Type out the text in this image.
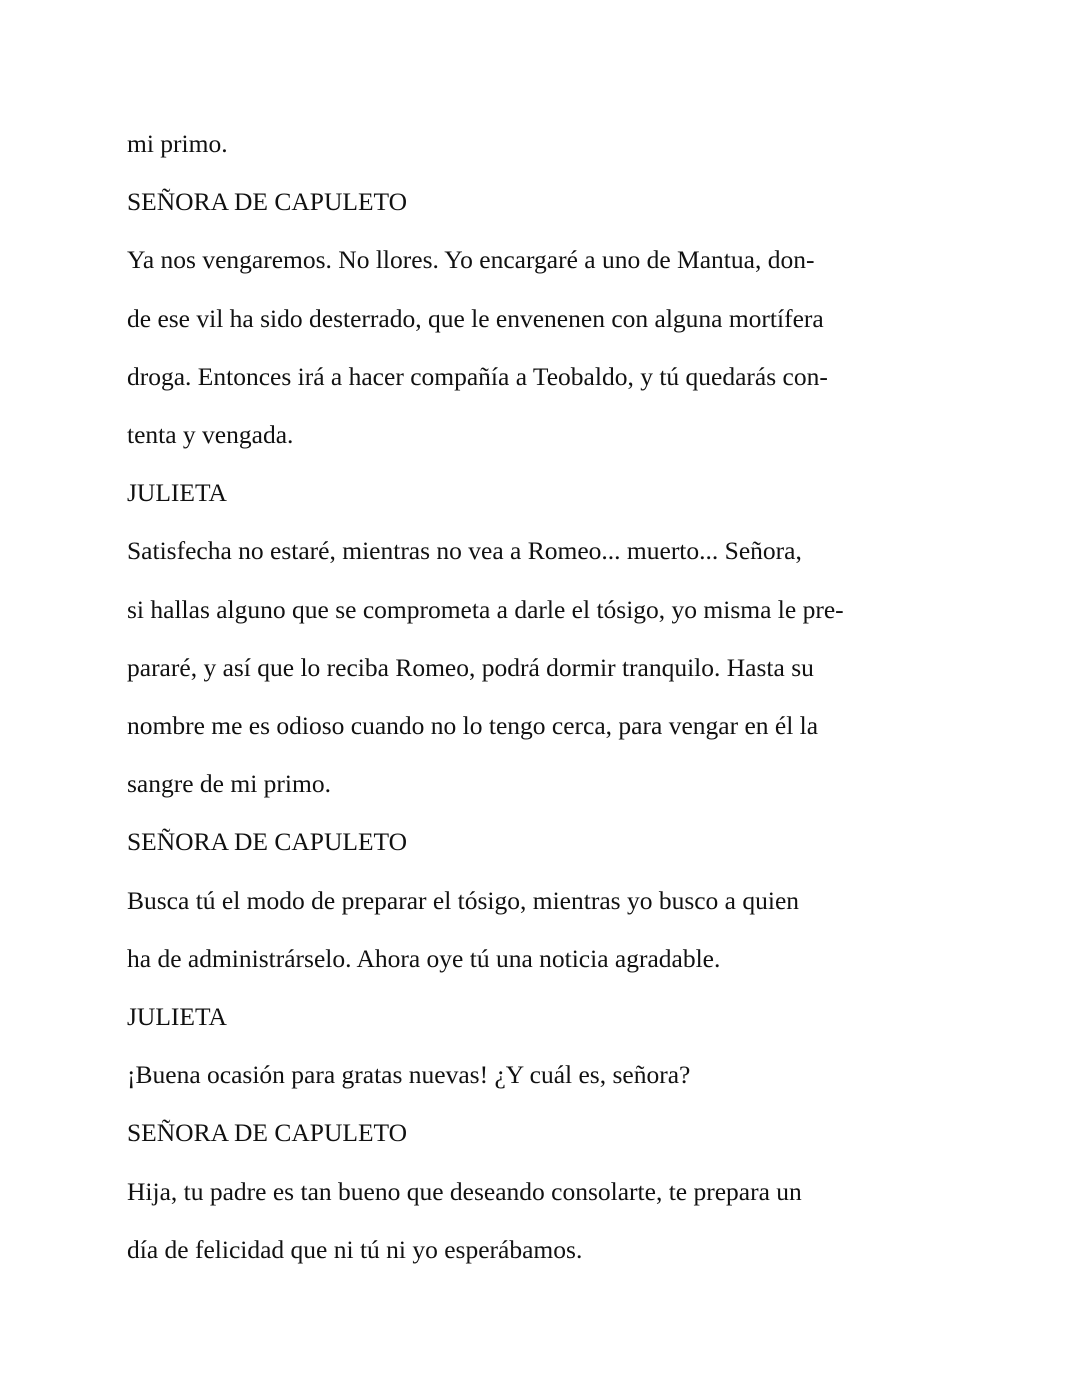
mi primo.
SEÑORA DE CAPULETO
Ya nos vengaremos. No llores. Yo encargaré a uno de Mantua, don-
de ese vil ha sido desterrado, que le envenenen con alguna mortífera
droga. Entonces irá a hacer compañía a Teobaldo, y tú quedarás con-
tenta y vengada.
JULIETA
Satisfecha no estaré, mientras no vea a Romeo... muerto... Señora,
si hallas alguno que se comprometa a darle el tósigo, yo misma le pre-
pararé, y así que lo reciba Romeo, podrá dormir tranquilo. Hasta su
nombre me es odioso cuando no lo tengo cerca, para vengar en él la
sangre de mi primo.
SEÑORA DE CAPULETO
Busca tú el modo de preparar el tósigo, mientras yo busco a quien
ha de administrárselo. Ahora oye tú una noticia agradable.
JULIETA
¡Buena ocasión para gratas nuevas! ¿Y cuál es, señora?
SEÑORA DE CAPULETO
Hija, tu padre es tan bueno que deseando consolarte, te prepara un
día de felicidad que ni tú ni yo esperábamos.
